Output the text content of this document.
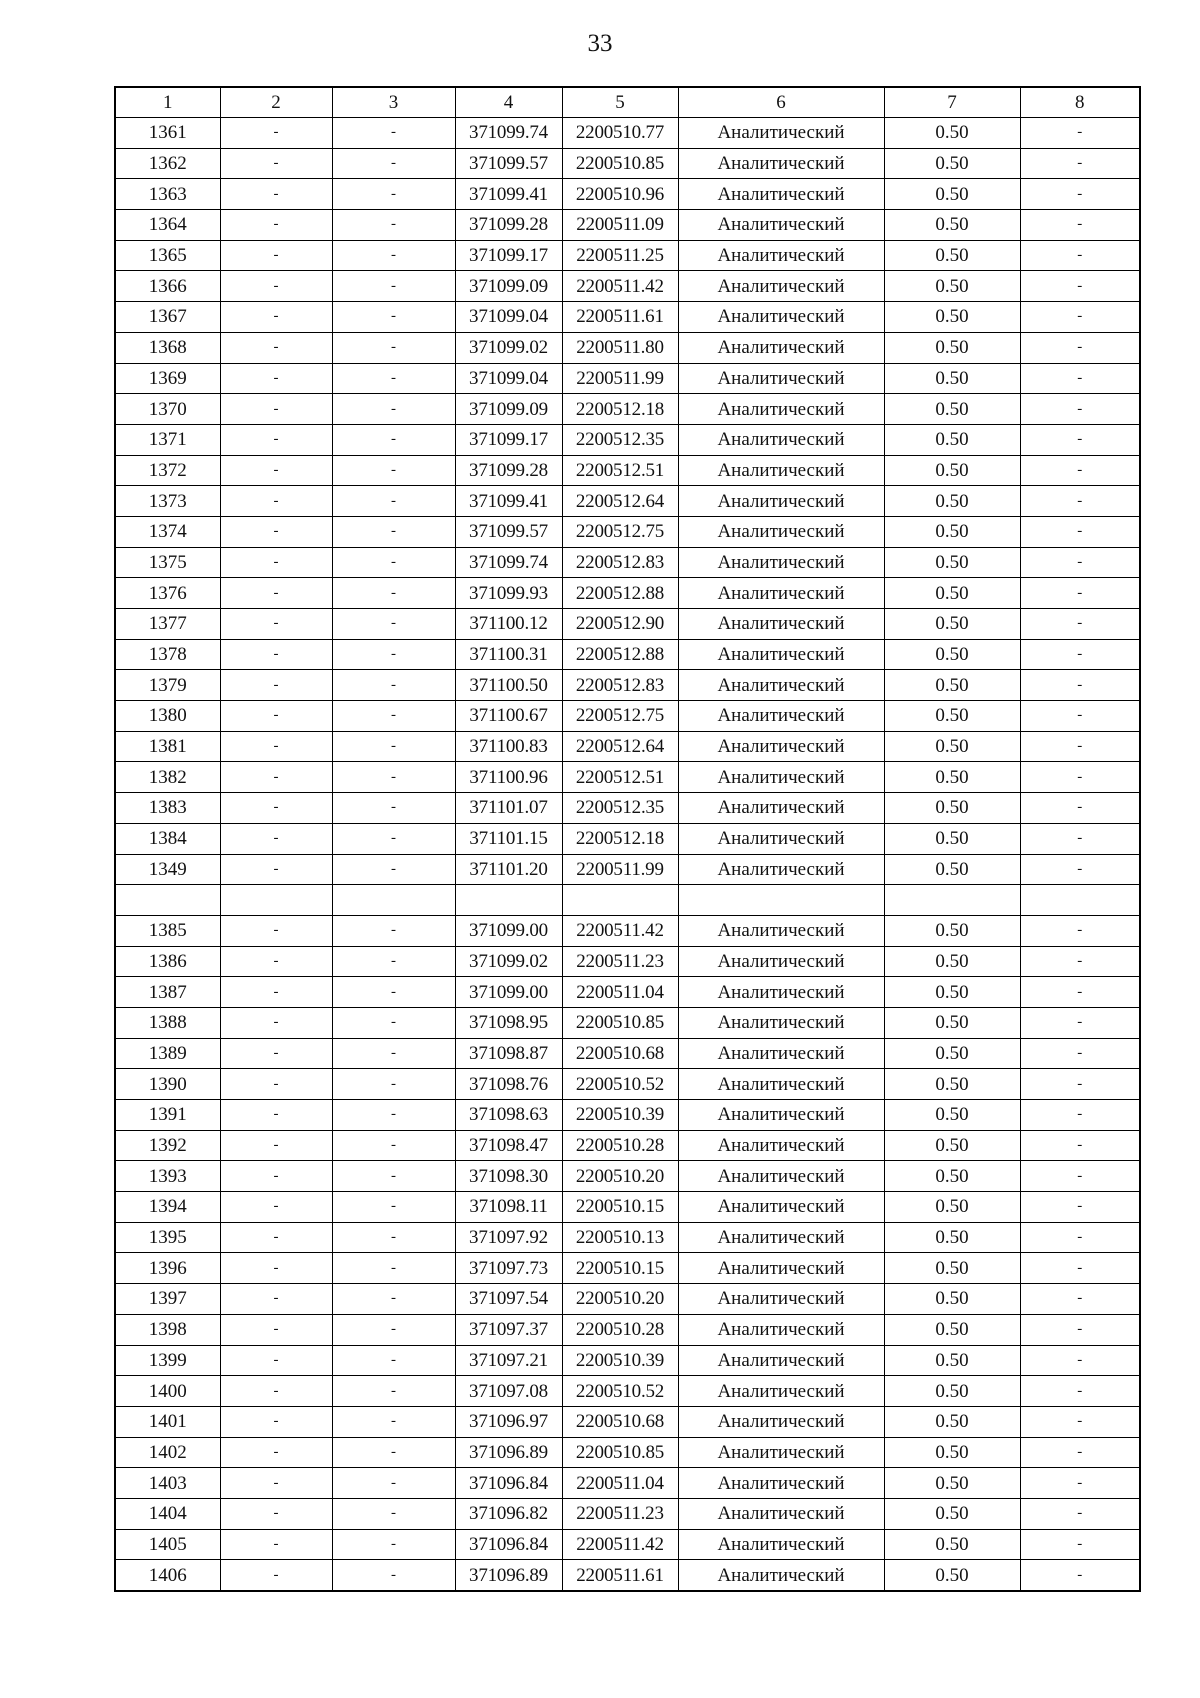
33
1	2	3	4	5	6	7	8
1361	-	-	371099.74	2200510.77	Аналитический	0.50	-
1362	-	-	371099.57	2200510.85	Аналитический	0.50	-
1363	-	-	371099.41	2200510.96	Аналитический	0.50	-
1364	-	-	371099.28	2200511.09	Аналитический	0.50	-
1365	-	-	371099.17	2200511.25	Аналитический	0.50	-
1366	-	-	371099.09	2200511.42	Аналитический	0.50	-
1367	-	-	371099.04	2200511.61	Аналитический	0.50	-
1368	-	-	371099.02	2200511.80	Аналитический	0.50	-
1369	-	-	371099.04	2200511.99	Аналитический	0.50	-
1370	-	-	371099.09	2200512.18	Аналитический	0.50	-
1371	-	-	371099.17	2200512.35	Аналитический	0.50	-
1372	-	-	371099.28	2200512.51	Аналитический	0.50	-
1373	-	-	371099.41	2200512.64	Аналитический	0.50	-
1374	-	-	371099.57	2200512.75	Аналитический	0.50	-
1375	-	-	371099.74	2200512.83	Аналитический	0.50	-
1376	-	-	371099.93	2200512.88	Аналитический	0.50	-
1377	-	-	371100.12	2200512.90	Аналитический	0.50	-
1378	-	-	371100.31	2200512.88	Аналитический	0.50	-
1379	-	-	371100.50	2200512.83	Аналитический	0.50	-
1380	-	-	371100.67	2200512.75	Аналитический	0.50	-
1381	-	-	371100.83	2200512.64	Аналитический	0.50	-
1382	-	-	371100.96	2200512.51	Аналитический	0.50	-
1383	-	-	371101.07	2200512.35	Аналитический	0.50	-
1384	-	-	371101.15	2200512.18	Аналитический	0.50	-
1349	-	-	371101.20	2200511.99	Аналитический	0.50	-

1385	-	-	371099.00	2200511.42	Аналитический	0.50	-
1386	-	-	371099.02	2200511.23	Аналитический	0.50	-
1387	-	-	371099.00	2200511.04	Аналитический	0.50	-
1388	-	-	371098.95	2200510.85	Аналитический	0.50	-
1389	-	-	371098.87	2200510.68	Аналитический	0.50	-
1390	-	-	371098.76	2200510.52	Аналитический	0.50	-
1391	-	-	371098.63	2200510.39	Аналитический	0.50	-
1392	-	-	371098.47	2200510.28	Аналитический	0.50	-
1393	-	-	371098.30	2200510.20	Аналитический	0.50	-
1394	-	-	371098.11	2200510.15	Аналитический	0.50	-
1395	-	-	371097.92	2200510.13	Аналитический	0.50	-
1396	-	-	371097.73	2200510.15	Аналитический	0.50	-
1397	-	-	371097.54	2200510.20	Аналитический	0.50	-
1398	-	-	371097.37	2200510.28	Аналитический	0.50	-
1399	-	-	371097.21	2200510.39	Аналитический	0.50	-
1400	-	-	371097.08	2200510.52	Аналитический	0.50	-
1401	-	-	371096.97	2200510.68	Аналитический	0.50	-
1402	-	-	371096.89	2200510.85	Аналитический	0.50	-
1403	-	-	371096.84	2200511.04	Аналитический	0.50	-
1404	-	-	371096.82	2200511.23	Аналитический	0.50	-
1405	-	-	371096.84	2200511.42	Аналитический	0.50	-
1406	-	-	371096.89	2200511.61	Аналитический	0.50	-
